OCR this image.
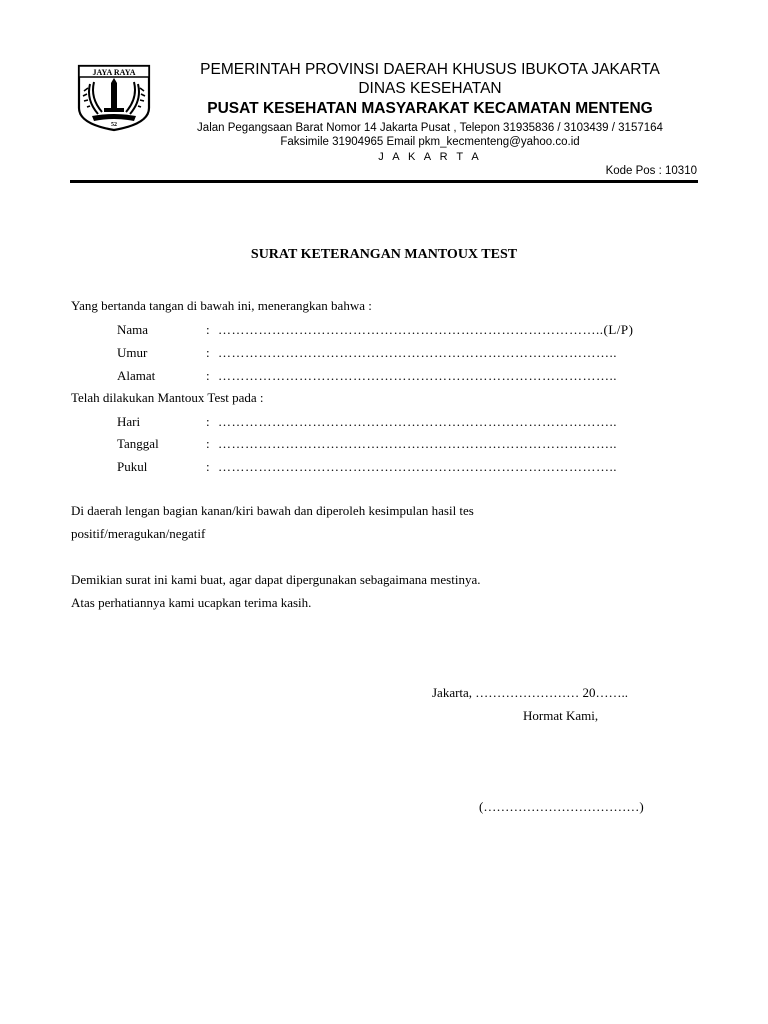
JAYA RAYA
52
PEMERINTAH PROVINSI DAERAH KHUSUS IBUKOTA JAKARTA
DINAS KESEHATAN
PUSAT KESEHATAN MASYARAKAT KECAMATAN MENTENG
Jalan Pegangsaan Barat Nomor 14 Jakarta Pusat , Telepon 31935836 / 3103439 / 3157164
Faksimile 31904965 Email pkm_kecmenteng@yahoo.co.id
J A K A R T A
Kode Pos : 10310
SURAT KETERANGAN MANTOUX TEST
Yang bertanda tangan di bawah ini, menerangkan bahwa :
Nama	: …………………………………………………………………………..(L/P)
Umur	: ……………………………………………………………………………..
Alamat	: ……………………………………………………………………………..
Telah dilakukan Mantoux Test pada :
Hari	: ……………………………………………………………………………..
Tanggal	: ……………………………………………………………………………..
Pukul	: ……………………………………………………………………………..
Di daerah lengan bagian kanan/kiri bawah dan diperoleh kesimpulan hasil tes
positif/meragukan/negatif
Demikian surat ini kami buat, agar dapat dipergunakan sebagaimana mestinya.
Atas perhatiannya kami ucapkan terima kasih.
Jakarta, …………………… 20……..
Hormat Kami,
(………………………………)
